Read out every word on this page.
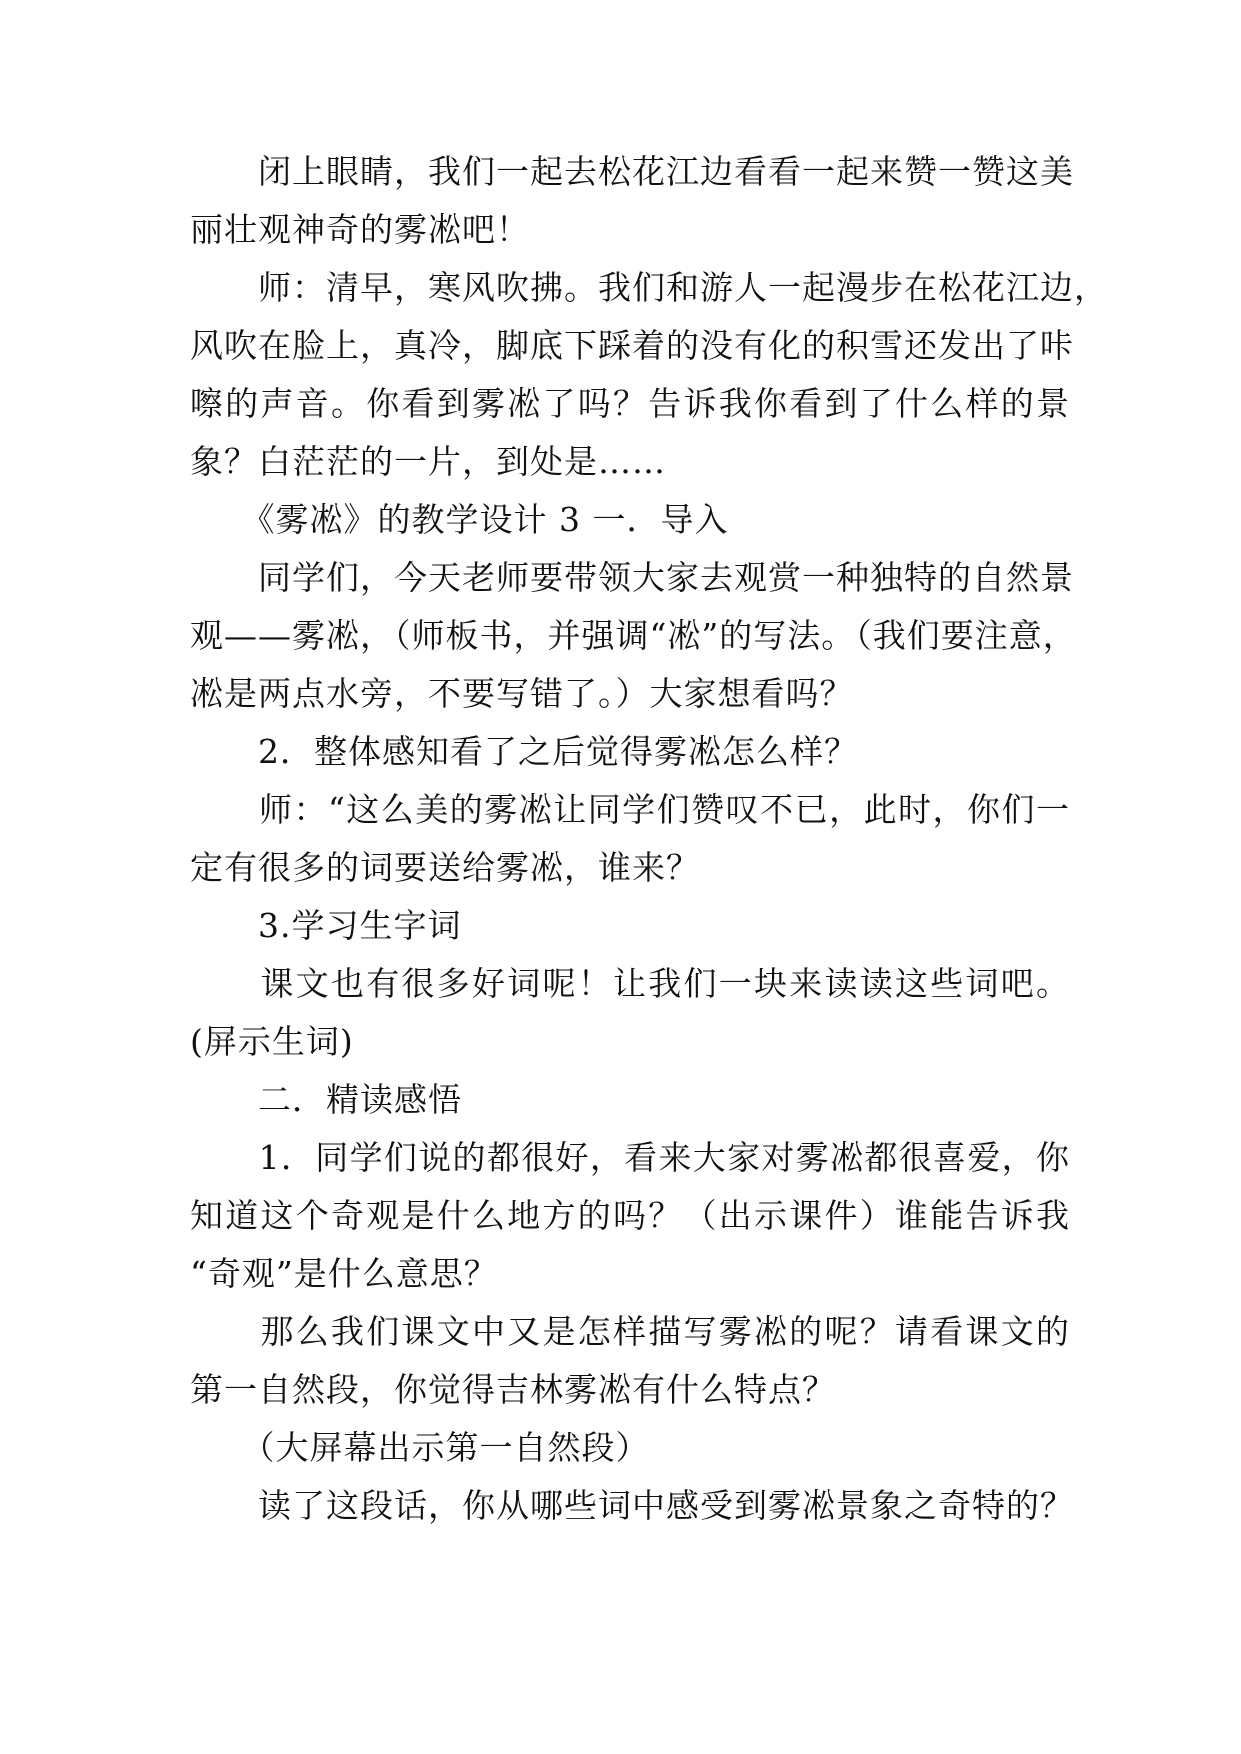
　　闭上眼睛，我们一起去松花江边看看一起来赞一赞这美

丽壮观神奇的雾凇吧！

　　师：清早，寒风吹拂。我们和游人一起漫步在松花江边，

风吹在脸上，真冷，脚底下踩着的没有化的积雪还发出了咔

嚓的声音。你看到雾凇了吗？告诉我你看到了什么样的景

象？白茫茫的一片，到处是……

　　《雾凇》的教学设计 3 一．导入

　　同学们，今天老师要带领大家去观赏一种独特的自然景

观——雾凇，（师板书，并强调“凇”的写法。（我们要注意，

凇是两点水旁，不要写错了。）大家想看吗？

　　2．整体感知看了之后觉得雾凇怎么样？

　　师：“这么美的雾凇让同学们赞叹不已，此时，你们一

定有很多的词要送给雾凇，谁来？

　　3.学习生字词

　　课文也有很多好词呢！让我们一块来读读这些词吧。

(屏示生词)

　　二．精读感悟

　　1．同学们说的都很好，看来大家对雾凇都很喜爱，你

知道这个奇观是什么地方的吗？（出示课件）谁能告诉我

“奇观”是什么意思？

　　那么我们课文中又是怎样描写雾凇的呢？请看课文的

第一自然段，你觉得吉林雾凇有什么特点？

　　（大屏幕出示第一自然段）

　　读了这段话，你从哪些词中感受到雾凇景象之奇特的？
